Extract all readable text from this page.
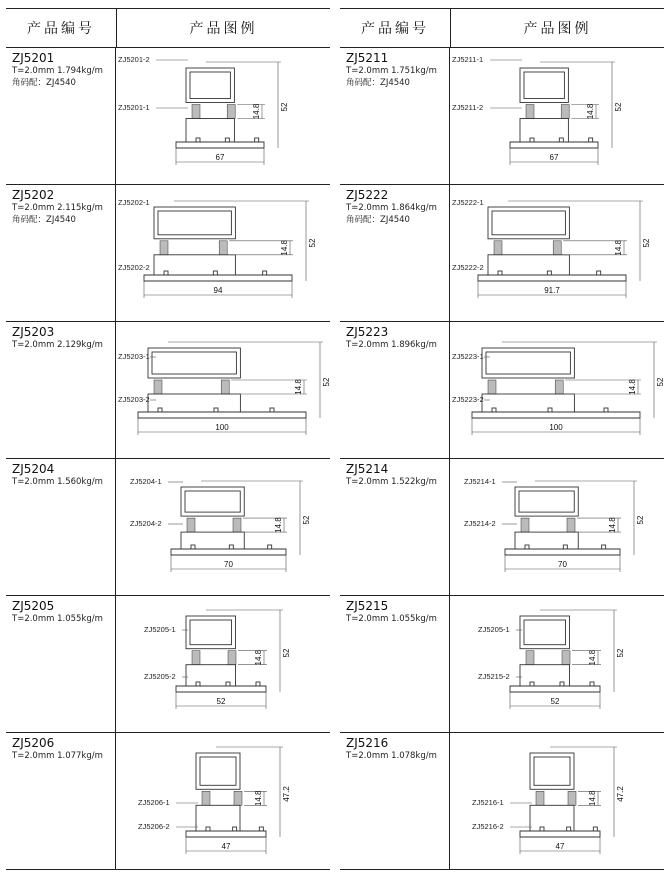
产品编号	产品图例
ZJ5201
T=2.0mm 1.794kg/m
角码配：ZJ4540
67
52
14.8
ZJ5201-2
ZJ5201-1
ZJ5202
T=2.0mm 2.115kg/m
角码配：ZJ4540
94
52
14.8
ZJ5202-1
ZJ5202-2
ZJ5203
T=2.0mm 2.129kg/m
100
52
14.8
ZJ5203-1
ZJ5203-2
ZJ5204
T=2.0mm 1.560kg/m
70
52
14.8
ZJ5204-1
ZJ5204-2
ZJ5205
T=2.0mm 1.055kg/m
52
52
14.8
ZJ5205-1
ZJ5205-2
ZJ5206
T=2.0mm 1.077kg/m
47
47.2
14.8
ZJ5206-1
ZJ5206-2
产品编号	产品图例
ZJ5211
T=2.0mm 1.751kg/m
角码配：ZJ4540
67
52
14.8
ZJ5211-1
ZJ5211-2
ZJ5222
T=2.0mm 1.864kg/m
角码配：ZJ4540
91.7
52
14.8
ZJ5222-1
ZJ5222-2
ZJ5223
T=2.0mm 1.896kg/m
100
52
14.8
ZJ5223-1
ZJ5223-2
ZJ5214
T=2.0mm 1.522kg/m
70
52
14.8
ZJ5214-1
ZJ5214-2
ZJ5215
T=2.0mm 1.055kg/m
52
52
14.8
ZJ5205-1
ZJ5215-2
ZJ5216
T=2.0mm 1.078kg/m
47
47.2
14.8
ZJ5216-1
ZJ5216-2
